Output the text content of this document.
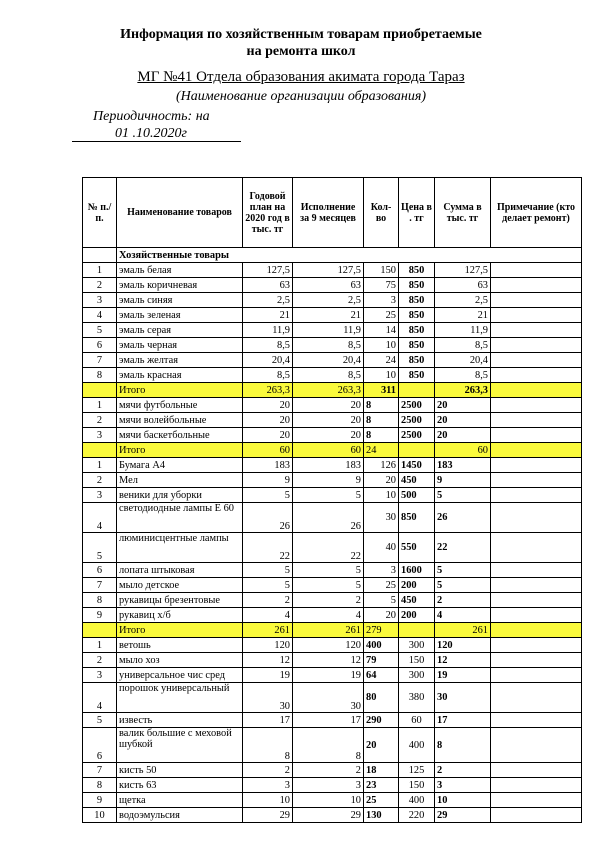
Информация по хозяйственным товарам приобретаемые
на ремонта школ
МГ №41 Отдела образования акимата города Тараз
(Наименование организации образования)
Периодичность: на
01 .10.2020г
№ п./п.	Наименование товаров	Годовой план на 2020 год в тыс. тг	Исполнение за 9 месяцев	Кол-во	Цена в . тг	Сумма в тыс. тг	Примечание (кто делает ремонт)
	Хозяйственные товары						
1	эмаль белая	127,5	127,5	150	850	127,5	
2	эмаль коричневая	63	63	75	850	63	
3	эмаль синяя	2,5	2,5	3	850	2,5	
4	эмаль зеленая	21	21	25	850	21	
5	эмаль серая	11,9	11,9	14	850	11,9	
6	эмаль черная	8,5	8,5	10	850	8,5	
7	эмаль желтая	20,4	20,4	24	850	20,4	
8	эмаль красная	8,5	8,5	10	850	8,5	
	Итого	263,3	263,3	311		263,3	
1	мячи футбольные	20	20	8	2500	20	
2	мячи волейбольные	20	20	8	2500	20	
3	мячи баскетбольные	20	20	8	2500	20	
	Итого	60	60	24		60	
1	Бумага А4	183	183	126	1450	183	
2	Мел	9	9	20	450	9	
3	веники для уборки	5	5	10	500	5	
4	светодиодные лампы Е 60	26	26	30	850	26	
5	люминисцентные лампы	22	22	40	550	22	
6	лопата штыковая	5	5	3	1600	5	
7	мыло детское	5	5	25	200	5	
8	рукавицы брезентовые	2	2	5	450	2	
9	рукавиц х/б	4	4	20	200	4	
	Итого	261	261	279		261	
1	ветошь	120	120	400	300	120	
2	мыло хоз	12	12	79	150	12	
3	универсальное чис сред	19	19	64	300	19	
4	порошок универсальный	30	30	80	380	30	
5	известь	17	17	290	60	17	
6	валик большие с меховой шубкой	8	8	20	400	8	
7	кисть 50	2	2	18	125	2	
8	кисть 63	3	3	23	150	3	
9	щетка	10	10	25	400	10	
10	водоэмульсия	29	29	130	220	29	
